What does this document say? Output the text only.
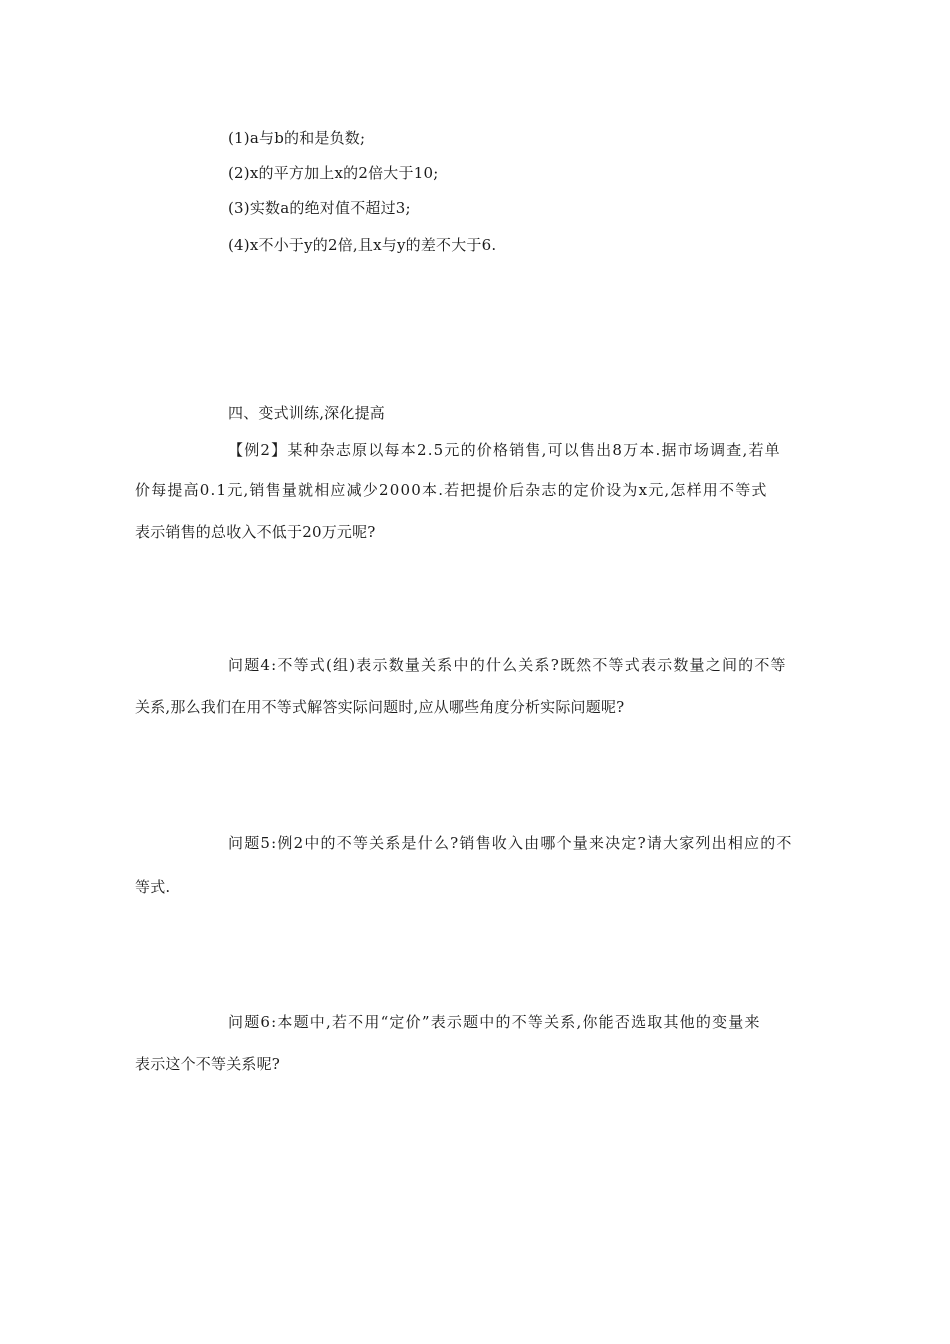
(1)a与b的和是负数;
(2)x的平方加上x的2倍大于10;
(3)实数a的绝对值不超过3;
(4)x不小于y的2倍,且x与y的差不大于6.
四、变式训练,深化提高
【例2】某种杂志原以每本2.5元的价格销售,可以售出8万本.据市场调查,若单
价每提高0.1元,销售量就相应减少2000本.若把提价后杂志的定价设为x元,怎样用不等式
表示销售的总收入不低于20万元呢?
问题4:不等式(组)表示数量关系中的什么关系?既然不等式表示数量之间的不等
关系,那么我们在用不等式解答实际问题时,应从哪些角度分析实际问题呢?
问题5:例2中的不等关系是什么?销售收入由哪个量来决定?请大家列出相应的不
等式.
问题6:本题中,若不用“定价”表示题中的不等关系,你能否选取其他的变量来
表示这个不等关系呢?
